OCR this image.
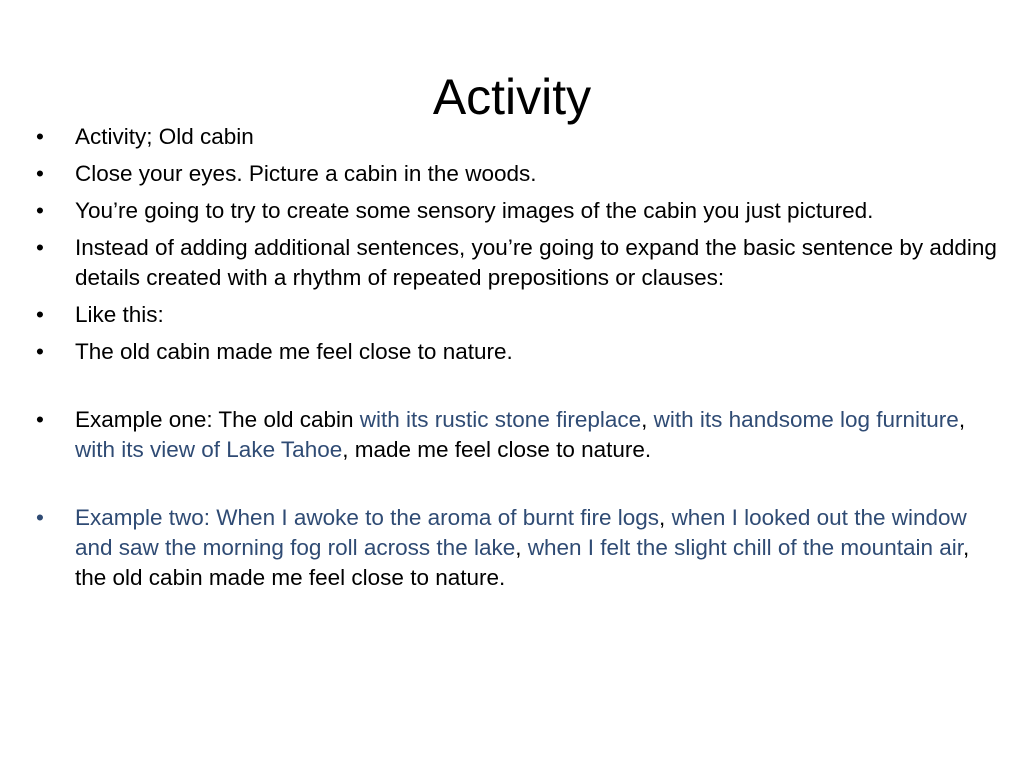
Activity
•	Activity; Old cabin
•	Close your eyes. Picture a cabin in the woods.
•	You’re going to try to create some sensory images of the cabin you just pictured.
•	Instead of adding additional sentences, you’re going to expand the basic sentence by adding details created with a rhythm of repeated prepositions or clauses:
•	Like this:
•	The old cabin made me feel close to nature.
•	Example one: The old cabin with its rustic stone fireplace, with its handsome log furniture, with its view of Lake Tahoe, made me feel close to nature.
•	Example two: When I awoke to the aroma of burnt fire logs, when I looked out the window and saw the morning fog roll across the lake, when I felt the slight chill of the mountain air, the old cabin made me feel close to nature.
